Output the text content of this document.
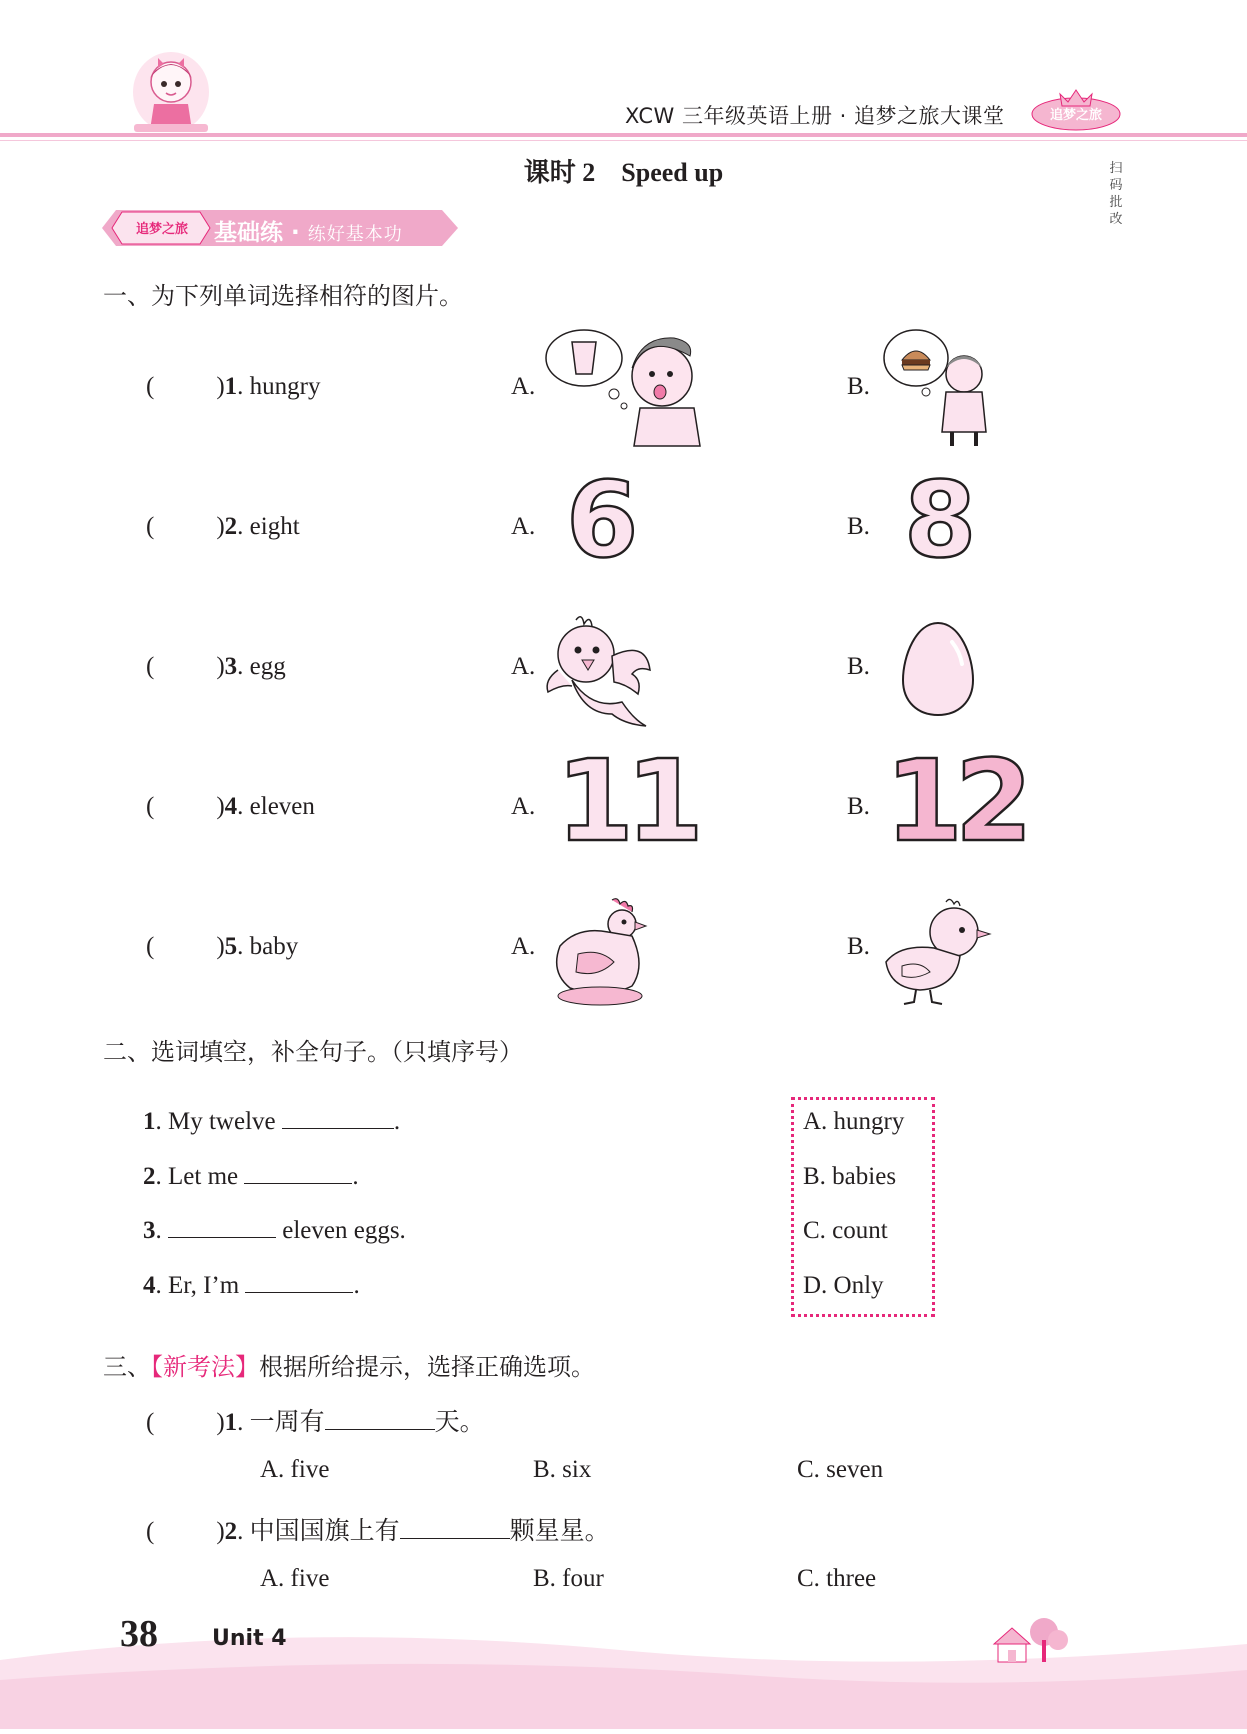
XCW 三年级英语上册 · 追梦之旅大课堂	追梦之旅
课时 2　Speed up	扫码批改
追梦之旅	基础练 · 练好基本功
一、为下列单词选择相符的图片。
( )1. hungry	A.	B.
( )2. eight	A.	B.
6	8
( )3. egg	A.	B.
( )4. eleven	A.	B.
11 12
( )5. baby	A.	B.
二、选词填空，补全句子。（只填序号）
1. My twelve	.
2. Let me	.
3.	eleven eggs.
4. Er, I’m	.
A. hungry
B. babies
C. count
D. Only
三、【新考法】根据所给提示，选择正确选项。
( )1. 一周有	天。
A. five	B. six	C. seven
( )2. 中国国旗上有	颗星星。
A. five	B. four	C. three
38 Unit 4
